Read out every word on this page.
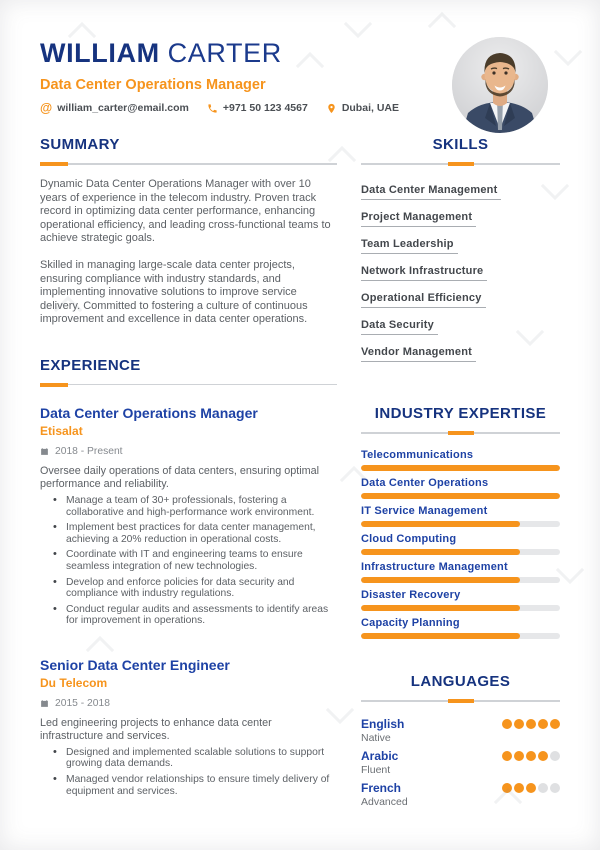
WILLIAM CARTER
Data Center Operations Manager
@ william_carter@email.com	+971 50 123 4567	Dubai, UAE
SUMMARY

Dynamic Data Center Operations Manager with over 10 years of experience in the telecom industry. Proven track record in optimizing data center performance, enhancing operational efficiency, and leading cross-functional teams to achieve strategic goals.

Skilled in managing large-scale data center projects, ensuring compliance with industry standards, and implementing innovative solutions to improve service delivery. Committed to fostering a culture of continuous improvement and excellence in data center operations.

EXPERIENCE
Data Center Operations Manager
Etisalat
2018 - Present

Oversee daily operations of data centers, ensuring optimal performance and reliability.

• Manage a team of 30+ professionals, fostering a collaborative and high-performance work environment.
• Implement best practices for data center management, achieving a 20% reduction in operational costs.
• Coordinate with IT and engineering teams to ensure seamless integration of new technologies.
• Develop and enforce policies for data security and compliance with industry regulations.
• Conduct regular audits and assessments to identify areas for improvement in operations.
Senior Data Center Engineer
Du Telecom
2015 - 2018

Led engineering projects to enhance data center infrastructure and services.

• Designed and implemented scalable solutions to support growing data demands.
• Managed vendor relationships to ensure timely delivery of equipment and services.
SKILLS
Data Center ManagementProject ManagementTeam LeadershipNetwork InfrastructureOperational EfficiencyData SecurityVendor Management
INDUSTRY EXPERTISE
Telecommunications
Data Center Operations
IT Service Management
Cloud Computing
Infrastructure Management
Disaster Recovery
Capacity Planning
LANGUAGES
English
Native
Arabic
Fluent
French
Advanced
